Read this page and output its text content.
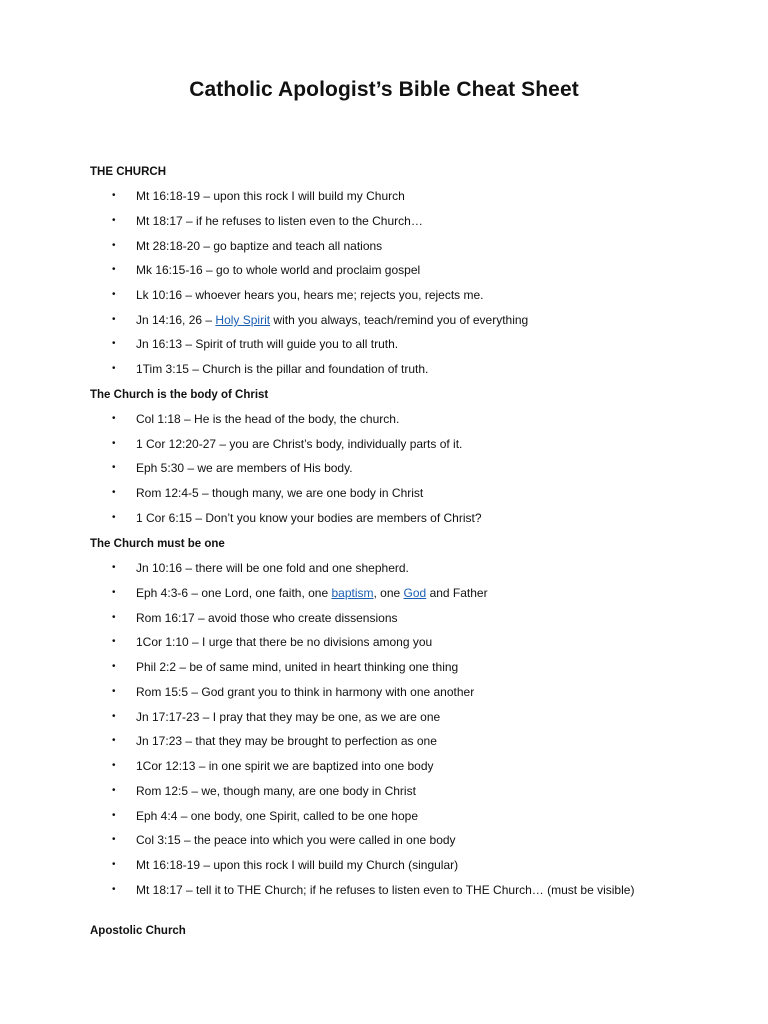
Catholic Apologist’s Bible Cheat Sheet
THE CHURCH
•	Mt 16:18-19 – upon this rock I will build my Church
•	Mt 18:17 – if he refuses to listen even to the Church…
•	Mt 28:18-20 – go baptize and teach all nations
•	Mk 16:15-16 – go to whole world and proclaim gospel
•	Lk 10:16 – whoever hears you, hears me; rejects you, rejects me.
•	Jn 14:16, 26 – Holy Spirit with you always, teach/remind you of everything
•	Jn 16:13 – Spirit of truth will guide you to all truth.
•	1Tim 3:15 – Church is the pillar and foundation of truth.
The Church is the body of Christ
•	Col 1:18 – He is the head of the body, the church.
•	1 Cor 12:20-27 – you are Christ’s body, individually parts of it.
•	Eph 5:30 – we are members of His body.
•	Rom 12:4-5 – though many, we are one body in Christ
•	1 Cor 6:15 – Don’t you know your bodies are members of Christ?
The Church must be one
•	Jn 10:16 – there will be one fold and one shepherd.
•	Eph 4:3-6 – one Lord, one faith, one baptism, one God and Father
•	Rom 16:17 – avoid those who create dissensions
•	1Cor 1:10 – I urge that there be no divisions among you
•	Phil 2:2 – be of same mind, united in heart thinking one thing
•	Rom 15:5 – God grant you to think in harmony with one another
•	Jn 17:17-23 – I pray that they may be one, as we are one
•	Jn 17:23 – that they may be brought to perfection as one
•	1Cor 12:13 – in one spirit we are baptized into one body
•	Rom 12:5 – we, though many, are one body in Christ
•	Eph 4:4 – one body, one Spirit, called to be one hope
•	Col 3:15 – the peace into which you were called in one body
•	Mt 16:18-19 – upon this rock I will build my Church (singular)
•	Mt 18:17 – tell it to THE Church; if he refuses to listen even to THE Church… (must be visible)
Apostolic Church
